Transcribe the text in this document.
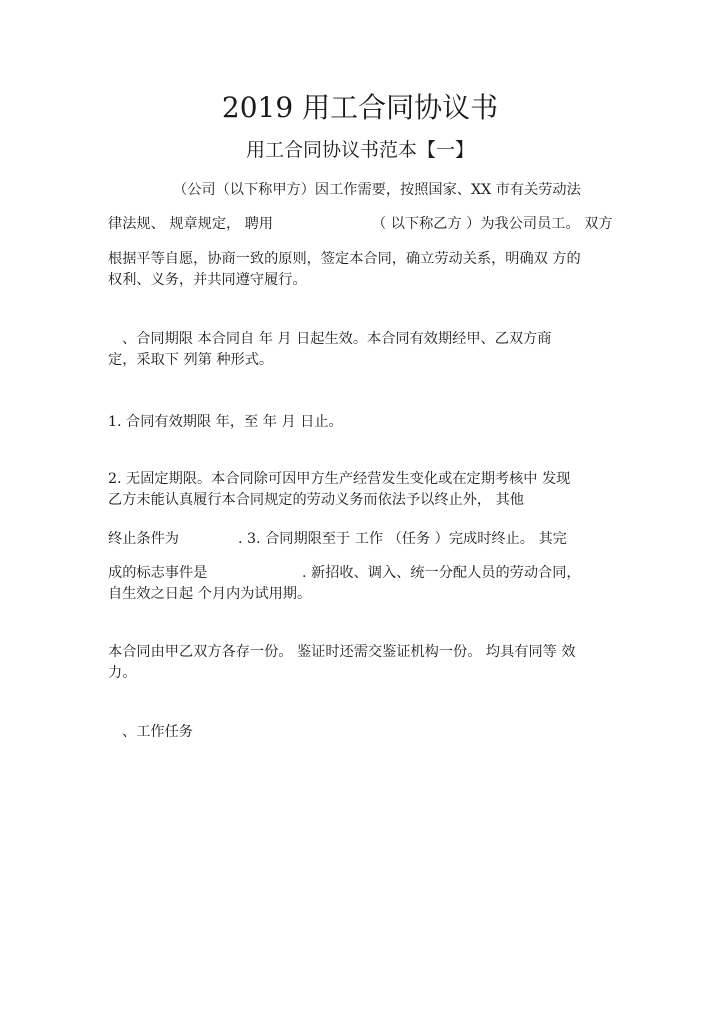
2019 用工合同协议书
用工合同协议书范本【一】
（公司（以下称甲方）因工作需要，按照国家、XX 市有关劳动法
律法规、 规章规定， 聘用	（ 以下称乙方 ）为我公司员工。 双方
根据平等自愿，协商一致的原则，签定本合同，确立劳动关系，明确双 方的
权利、义务，并共同遵守履行。
、合同期限 本合同自 年 月 日起生效。本合同有效期经甲、乙双方商
定，采取下 列第 种形式。
1. 合同有效期限 年，至 年 月 日止。
2. 无固定期限。本合同除可因甲方生产经营发生变化或在定期考核中 发现
乙方未能认真履行本合同规定的劳动义务而依法予以终止外， 其他
终止条件为	. 3. 合同期限至于 工作 （任务 ）完成时终止。 其完
成的标志事件是	. 新招收、调入、统一分配人员的劳动合同，
自生效之日起 个月内为试用期。
本合同由甲乙双方各存一份。 鉴证时还需交鉴证机构一份。 均具有同等 效
力。
、工作任务
